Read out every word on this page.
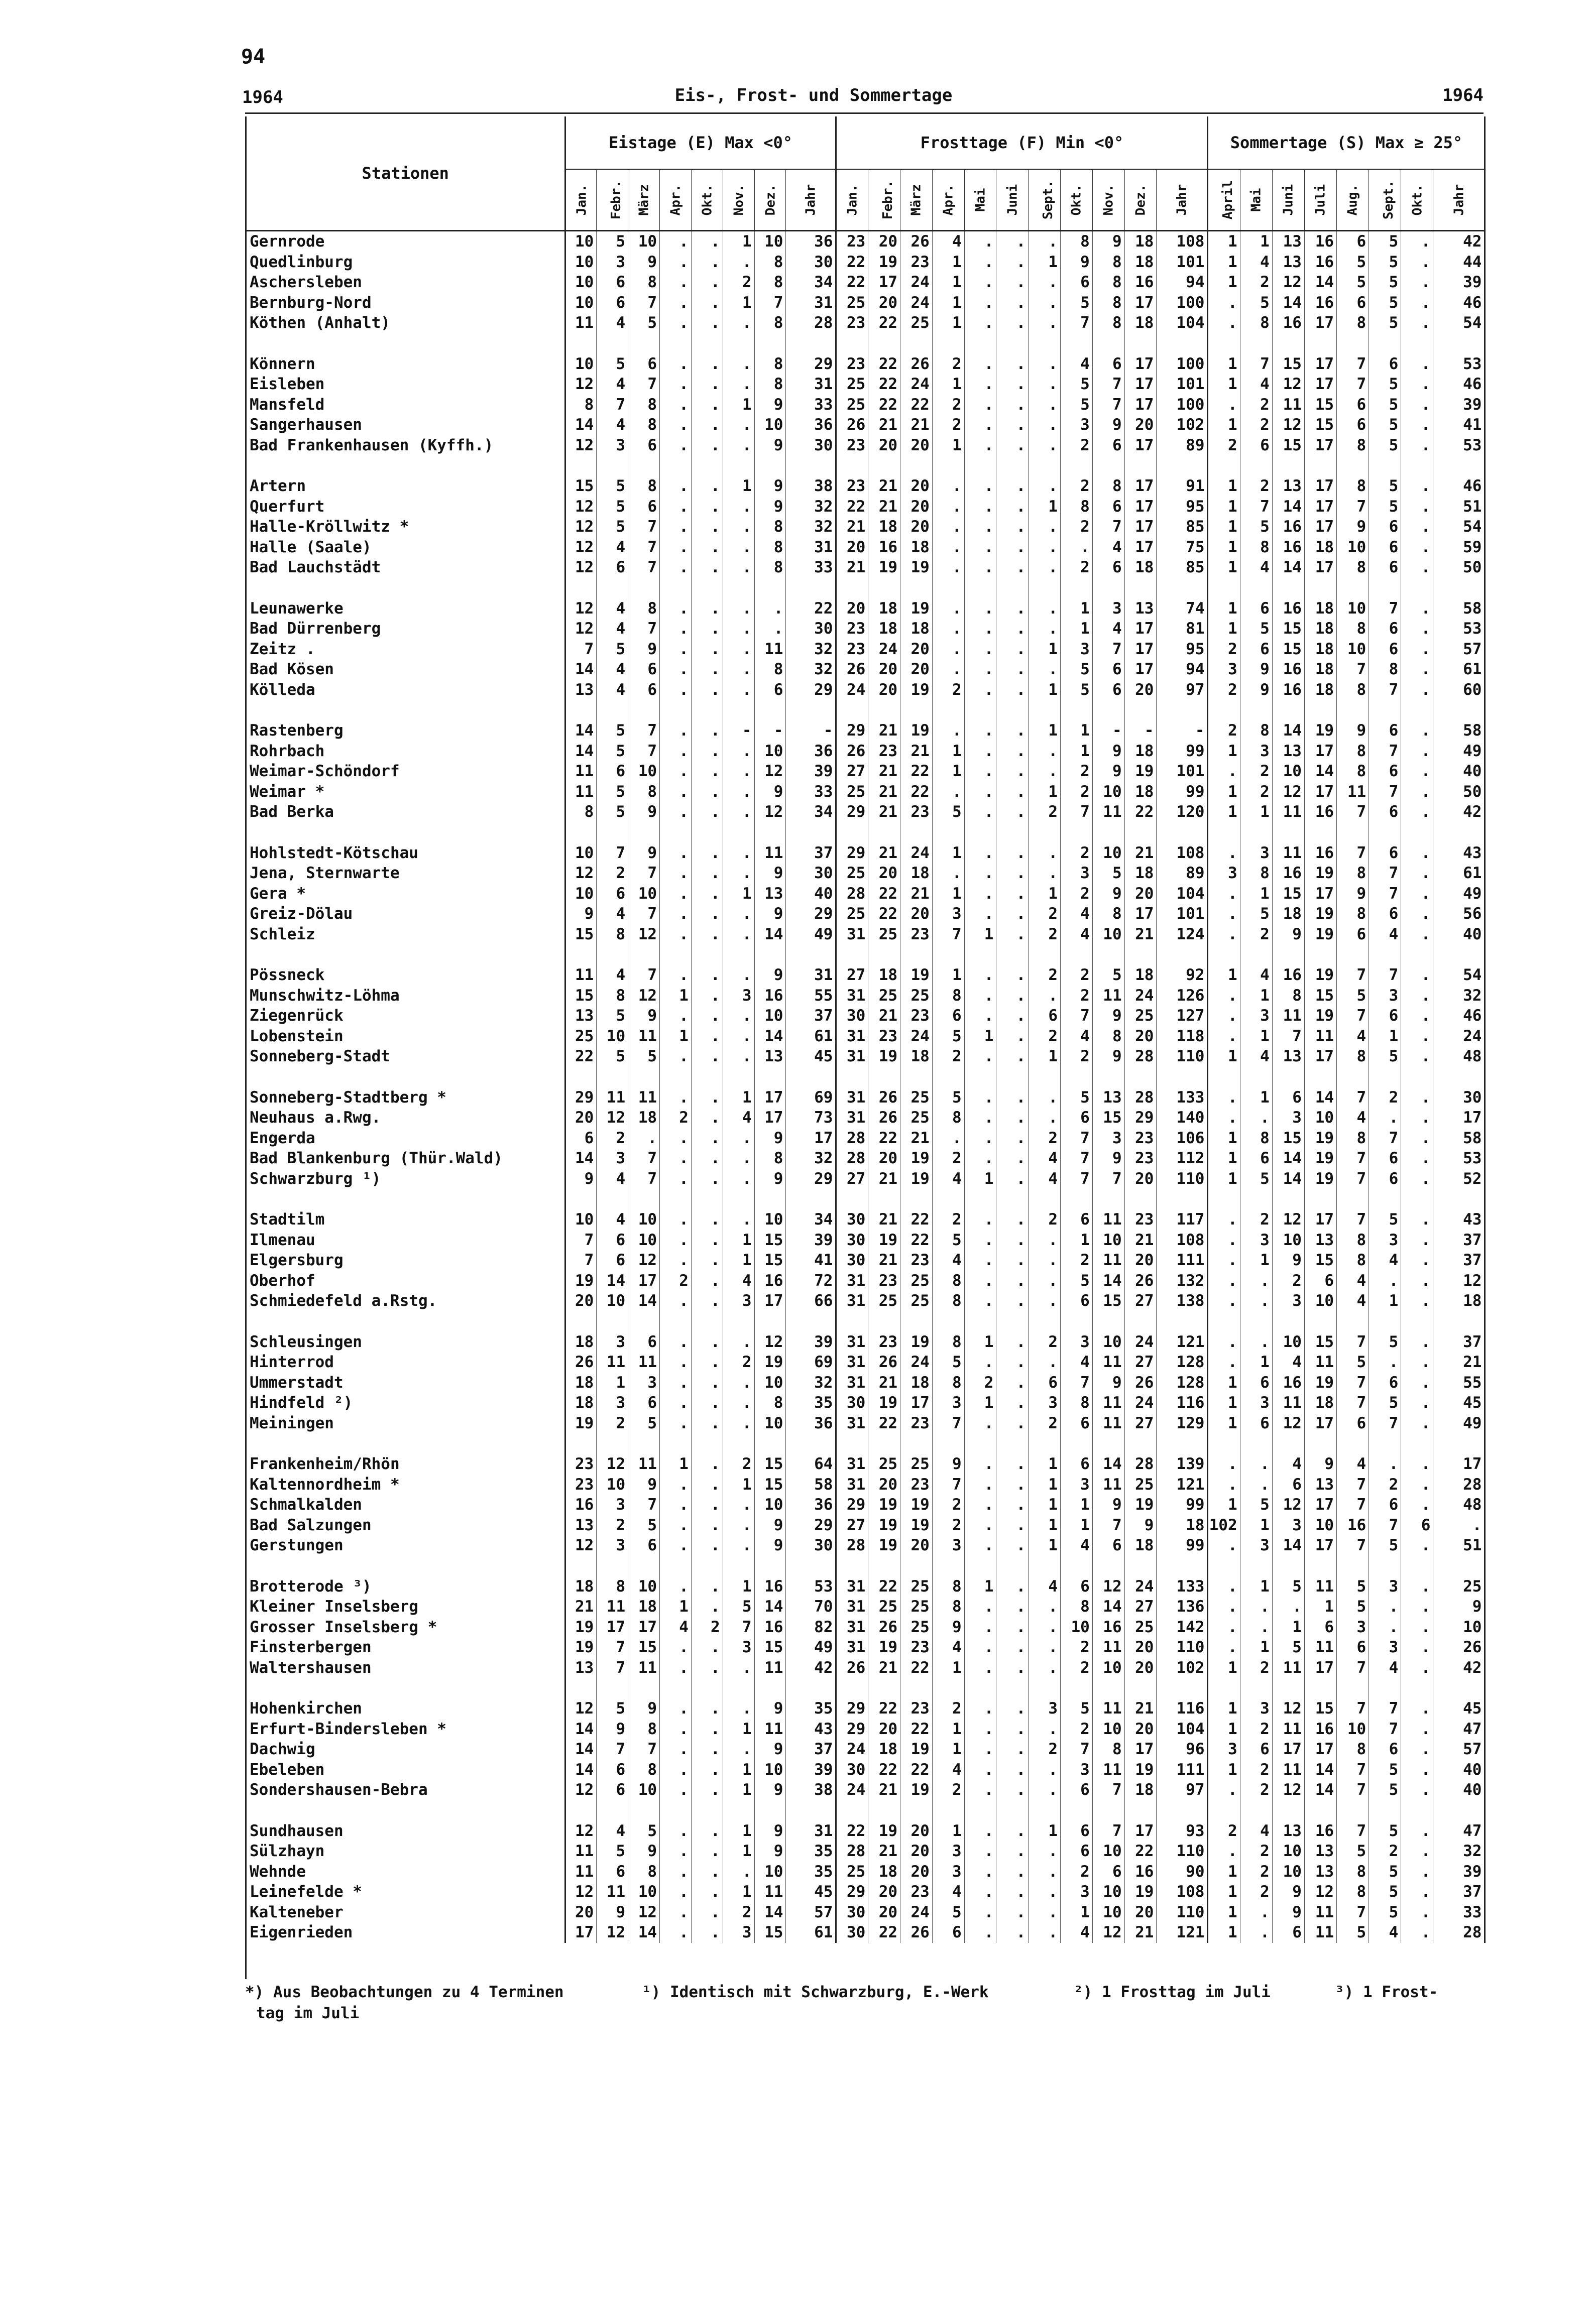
94
1964	Eis-, Frost- und Sommertage	1964
Stationen	Eistage (E) Max <0°								Frosttage (F) Min <0°											Sommertage (S) Max ≥ 25°							
	Jan.	Febr.	März	Apr.	Okt.	Nov.	Dez.	Jahr	Jan.	Febr.	März	Apr.	Mai	Juni	Sept.	Okt.	Nov.	Dez.	Jahr	April	Mai	Juni	Juli	Aug.	Sept.	Okt.	Jahr
Gernrode	10	5	10	.	.	1	10	36	23	20	26	4	.	.	.	8	9	18	108	1	1	13	16	6	5	.	42
Quedlinburg	10	3	9	.	.	.	8	30	22	19	23	1	.	.	1	9	8	18	101	1	4	13	16	5	5	.	44
Aschersleben	10	6	8	.	.	2	8	34	22	17	24	1	.	.	.	6	8	16	94	1	2	12	14	5	5	.	39
Bernburg-Nord	10	6	7	.	.	1	7	31	25	20	24	1	.	.	.	5	8	17	100	.	5	14	16	6	5	.	46
Köthen (Anhalt)	11	4	5	.	.	.	8	28	23	22	25	1	.	.	.	7	8	18	104	.	8	16	17	8	5	.	54

Könnern	10	5	6	.	.	.	8	29	23	22	26	2	.	.	.	4	6	17	100	1	7	15	17	7	6	.	53
Eisleben	12	4	7	.	.	.	8	31	25	22	24	1	.	.	.	5	7	17	101	1	4	12	17	7	5	.	46
Mansfeld	8	7	8	.	.	1	9	33	25	22	22	2	.	.	.	5	7	17	100	.	2	11	15	6	5	.	39
Sangerhausen	14	4	8	.	.	.	10	36	26	21	21	2	.	.	.	3	9	20	102	1	2	12	15	6	5	.	41
Bad Frankenhausen (Kyffh.)	12	3	6	.	.	.	9	30	23	20	20	1	.	.	.	2	6	17	89	2	6	15	17	8	5	.	53

Artern	15	5	8	.	.	1	9	38	23	21	20	.	.	.	.	2	8	17	91	1	2	13	17	8	5	.	46
Querfurt	12	5	6	.	.	.	9	32	22	21	20	.	.	.	1	8	6	17	95	1	7	14	17	7	5	.	51
Halle-Kröllwitz *	12	5	7	.	.	.	8	32	21	18	20	.	.	.	.	2	7	17	85	1	5	16	17	9	6	.	54
Halle (Saale)	12	4	7	.	.	.	8	31	20	16	18	.	.	.	.	.	4	17	75	1	8	16	18	10	6	.	59
Bad Lauchstädt	12	6	7	.	.	.	8	33	21	19	19	.	.	.	.	2	6	18	85	1	4	14	17	8	6	.	50

Leunawerke	12	4	8	.	.	.	.	22	20	18	19	.	.	.	.	1	3	13	74	1	6	16	18	10	7	.	58
Bad Dürrenberg	12	4	7	.	.	.	.	30	23	18	18	.	.	.	.	1	4	17	81	1	5	15	18	8	6	.	53
Zeitz .	7	5	9	.	.	.	11	32	23	24	20	.	.	.	1	3	7	17	95	2	6	15	18	10	6	.	57
Bad Kösen	14	4	6	.	.	.	8	32	26	20	20	.	.	.	.	5	6	17	94	3	9	16	18	7	8	.	61
Kölleda	13	4	6	.	.	.	6	29	24	20	19	2	.	.	1	5	6	20	97	2	9	16	18	8	7	.	60

Rastenberg	14	5	7	.	.	-	-	-	29	21	19	.	.	.	1	1	-	-	-	2	8	14	19	9	6	.	58
Rohrbach	14	5	7	.	.	.	10	36	26	23	21	1	.	.	.	1	9	18	99	1	3	13	17	8	7	.	49
Weimar-Schöndorf	11	6	10	.	.	.	12	39	27	21	22	1	.	.	.	2	9	19	101	.	2	10	14	8	6	.	40
Weimar *	11	5	8	.	.	.	9	33	25	21	22	.	.	.	1	2	10	18	99	1	2	12	17	11	7	.	50
Bad Berka	8	5	9	.	.	.	12	34	29	21	23	5	.	.	2	7	11	22	120	1	1	11	16	7	6	.	42

Hohlstedt-Kötschau	10	7	9	.	.	.	11	37	29	21	24	1	.	.	.	2	10	21	108	.	3	11	16	7	6	.	43
Jena, Sternwarte	12	2	7	.	.	.	9	30	25	20	18	.	.	.	.	3	5	18	89	3	8	16	19	8	7	.	61
Gera *	10	6	10	.	.	1	13	40	28	22	21	1	.	.	1	2	9	20	104	.	1	15	17	9	7	.	49
Greiz-Dölau	9	4	7	.	.	.	9	29	25	22	20	3	.	.	2	4	8	17	101	.	5	18	19	8	6	.	56
Schleiz	15	8	12	.	.	.	14	49	31	25	23	7	1	.	2	4	10	21	124	.	2	9	19	6	4	.	40

Pössneck	11	4	7	.	.	.	9	31	27	18	19	1	.	.	2	2	5	18	92	1	4	16	19	7	7	.	54
Munschwitz-Löhma	15	8	12	1	.	3	16	55	31	25	25	8	.	.	.	2	11	24	126	.	1	8	15	5	3	.	32
Ziegenrück	13	5	9	.	.	.	10	37	30	21	23	6	.	.	6	7	9	25	127	.	3	11	19	7	6	.	46
Lobenstein	25	10	11	1	.	.	14	61	31	23	24	5	1	.	2	4	8	20	118	.	1	7	11	4	1	.	24
Sonneberg-Stadt	22	5	5	.	.	.	13	45	31	19	18	2	.	.	1	2	9	28	110	1	4	13	17	8	5	.	48

Sonneberg-Stadtberg *	29	11	11	.	.	1	17	69	31	26	25	5	.	.	.	5	13	28	133	.	1	6	14	7	2	.	30
Neuhaus a.Rwg.	20	12	18	2	.	4	17	73	31	26	25	8	.	.	.	6	15	29	140	.	.	3	10	4	.	.	17
Engerda	6	2	.	.	.	.	9	17	28	22	21	.	.	.	2	7	3	23	106	1	8	15	19	8	7	.	58
Bad Blankenburg (Thür.Wald)	14	3	7	.	.	.	8	32	28	20	19	2	.	.	4	7	9	23	112	1	6	14	19	7	6	.	53
Schwarzburg ¹)	9	4	7	.	.	.	9	29	27	21	19	4	1	.	4	7	7	20	110	1	5	14	19	7	6	.	52

Stadtilm	10	4	10	.	.	.	10	34	30	21	22	2	.	.	2	6	11	23	117	.	2	12	17	7	5	.	43
Ilmenau	7	6	10	.	.	1	15	39	30	19	22	5	.	.	.	1	10	21	108	.	3	10	13	8	3	.	37
Elgersburg	7	6	12	.	.	1	15	41	30	21	23	4	.	.	.	2	11	20	111	.	1	9	15	8	4	.	37
Oberhof	19	14	17	2	.	4	16	72	31	23	25	8	.	.	.	5	14	26	132	.	.	2	6	4	.	.	12
Schmiedefeld a.Rstg.	20	10	14	.	.	3	17	66	31	25	25	8	.	.	.	6	15	27	138	.	.	3	10	4	1	.	18

Schleusingen	18	3	6	.	.	.	12	39	31	23	19	8	1	.	2	3	10	24	121	.	.	10	15	7	5	.	37
Hinterrod	26	11	11	.	.	2	19	69	31	26	24	5	.	.	.	4	11	27	128	.	1	4	11	5	.	.	21
Ummerstadt	18	1	3	.	.	.	10	32	31	21	18	8	2	.	6	7	9	26	128	1	6	16	19	7	6	.	55
Hindfeld ²)	18	3	6	.	.	.	8	35	30	19	17	3	1	.	3	8	11	24	116	1	3	11	18	7	5	.	45
Meiningen	19	2	5	.	.	.	10	36	31	22	23	7	.	.	2	6	11	27	129	1	6	12	17	6	7	.	49

Frankenheim/Rhön	23	12	11	1	.	2	15	64	31	25	25	9	.	.	1	6	14	28	139	.	.	4	9	4	.	.	17
Kaltennordheim *	23	10	9	.	.	1	15	58	31	20	23	7	.	.	1	3	11	25	121	.	.	6	13	7	2	.	28
Schmalkalden	16	3	7	.	.	.	10	36	29	19	19	2	.	.	1	1	9	19	99	1	5	12	17	7	6	.	48
Bad Salzungen	13	2	5	.	.	.	9	29	27	19	19	2	.	.	1	1	7	9	18	102	1	3	10	16	7	6	.
Gerstungen	12	3	6	.	.	.	9	30	28	19	20	3	.	.	1	4	6	18	99	.	3	14	17	7	5	.	51

Brotterode ³)	18	8	10	.	.	1	16	53	31	22	25	8	1	.	4	6	12	24	133	.	1	5	11	5	3	.	25
Kleiner Inselsberg	21	11	18	1	.	5	14	70	31	25	25	8	.	.	.	8	14	27	136	.	.	.	1	5	.	.	9
Grosser Inselsberg *	19	17	17	4	2	7	16	82	31	26	25	9	.	.	.	10	16	25	142	.	.	1	6	3	.	.	10
Finsterbergen	19	7	15	.	.	3	15	49	31	19	23	4	.	.	.	2	11	20	110	.	1	5	11	6	3	.	26
Waltershausen	13	7	11	.	.	.	11	42	26	21	22	1	.	.	.	2	10	20	102	1	2	11	17	7	4	.	42

Hohenkirchen	12	5	9	.	.	.	9	35	29	22	23	2	.	.	3	5	11	21	116	1	3	12	15	7	7	.	45
Erfurt-Bindersleben *	14	9	8	.	.	1	11	43	29	20	22	1	.	.	.	2	10	20	104	1	2	11	16	10	7	.	47
Dachwig	14	7	7	.	.	.	9	37	24	18	19	1	.	.	2	7	8	17	96	3	6	17	17	8	6	.	57
Ebeleben	14	6	8	.	.	1	10	39	30	22	22	4	.	.	.	3	11	19	111	1	2	11	14	7	5	.	40
Sondershausen-Bebra	12	6	10	.	.	1	9	38	24	21	19	2	.	.	.	6	7	18	97	.	2	12	14	7	5	.	40

Sundhausen	12	4	5	.	.	1	9	31	22	19	20	1	.	.	1	6	7	17	93	2	4	13	16	7	5	.	47
Sülzhayn	11	5	9	.	.	1	9	35	28	21	20	3	.	.	.	6	10	22	110	.	2	10	13	5	2	.	32
Wehnde	11	6	8	.	.	.	10	35	25	18	20	3	.	.	.	2	6	16	90	1	2	10	13	8	5	.	39
Leinefelde *	12	11	10	.	.	1	11	45	29	20	23	4	.	.	.	3	10	19	108	1	2	9	12	8	5	.	37
Kalteneber	20	9	12	.	.	2	14	57	30	20	24	5	.	.	.	1	10	20	110	1	.	9	11	7	5	.	33
Eigenrieden	17	12	14	.	.	3	15	61	30	22	26	6	.	.	.	4	12	21	121	1	.	6	11	5	4	.	28
*) Aus Beobachtungen zu 4 Terminen	¹) Identisch mit Schwarzburg, E.-Werk	²) 1 Frosttag im Juli	³) 1 Frost-
tag im Juli
